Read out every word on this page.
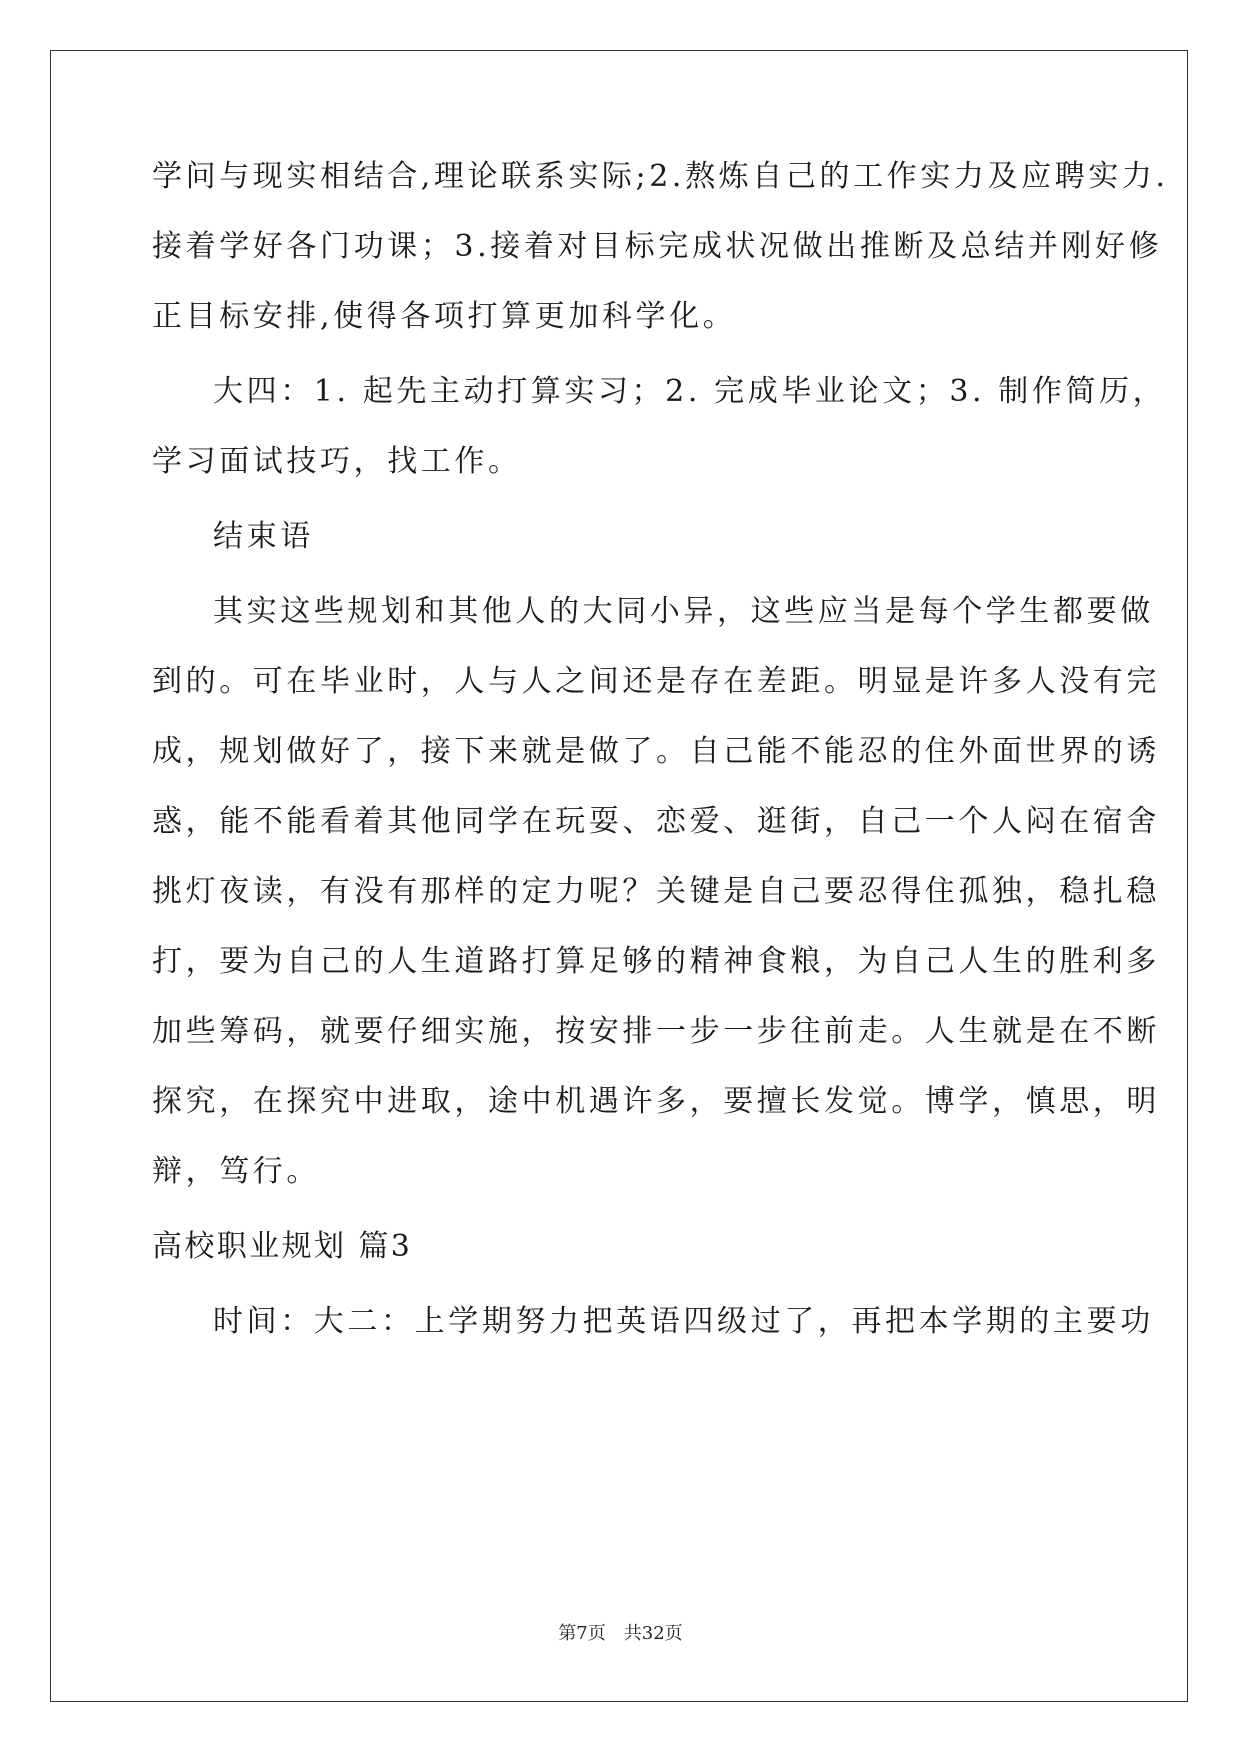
学问与现实相结合,理论联系实际;2.熬炼自己的工作实力及应聘实力.
接着学好各门功课；3.接着对目标完成状况做出推断及总结并刚好修
正目标安排,使得各项打算更加科学化。
大四：1. 起先主动打算实习；2. 完成毕业论文；3. 制作简历，
学习面试技巧，找工作。
结束语
其实这些规划和其他人的大同小异，这些应当是每个学生都要做
到的。可在毕业时，人与人之间还是存在差距。明显是许多人没有完
成，规划做好了，接下来就是做了。自己能不能忍的住外面世界的诱
惑，能不能看着其他同学在玩耍、恋爱、逛街，自己一个人闷在宿舍
挑灯夜读，有没有那样的定力呢？关键是自己要忍得住孤独，稳扎稳
打，要为自己的人生道路打算足够的精神食粮，为自己人生的胜利多
加些筹码，就要仔细实施，按安排一步一步往前走。人生就是在不断
探究，在探究中进取，途中机遇许多，要擅长发觉。博学，慎思，明
辩，笃行。
高校职业规划 篇3
时间：大二：上学期努力把英语四级过了，再把本学期的主要功
第7页 共32页
